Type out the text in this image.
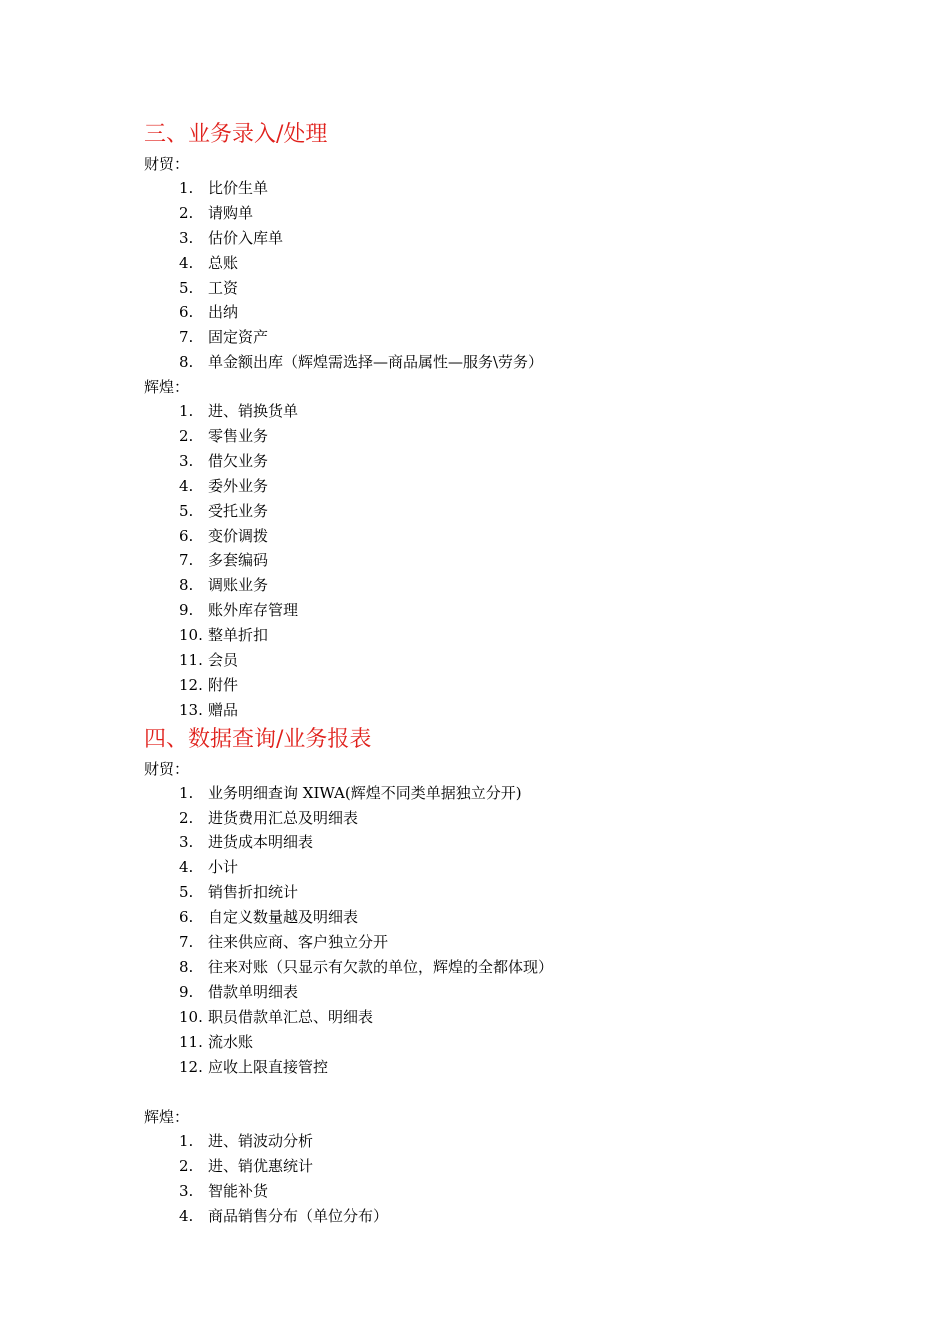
三、业务录入/处理
财贸：
1. 比价生单
2. 请购单
3. 估价入库单
4. 总账
5. 工资
6. 出纳
7. 固定资产
8. 单金额出库（辉煌需选择—商品属性—服务\劳务）
辉煌：
1. 进、销换货单
2. 零售业务
3. 借欠业务
4. 委外业务
5. 受托业务
6. 变价调拨
7. 多套编码
8. 调账业务
9. 账外库存管理
10. 整单折扣
11. 会员
12. 附件
13. 赠品
四、数据查询/业务报表
财贸：
1. 业务明细查询 XIWA(辉煌不同类单据独立分开)
2. 进货费用汇总及明细表
3. 进货成本明细表
4. 小计
5. 销售折扣统计
6. 自定义数量越及明细表
7. 往来供应商、客户独立分开
8. 往来对账（只显示有欠款的单位，辉煌的全都体现）
9. 借款单明细表
10. 职员借款单汇总、明细表
11. 流水账
12. 应收上限直接管控
辉煌：
1. 进、销波动分析
2. 进、销优惠统计
3. 智能补货
4. 商品销售分布（单位分布）
